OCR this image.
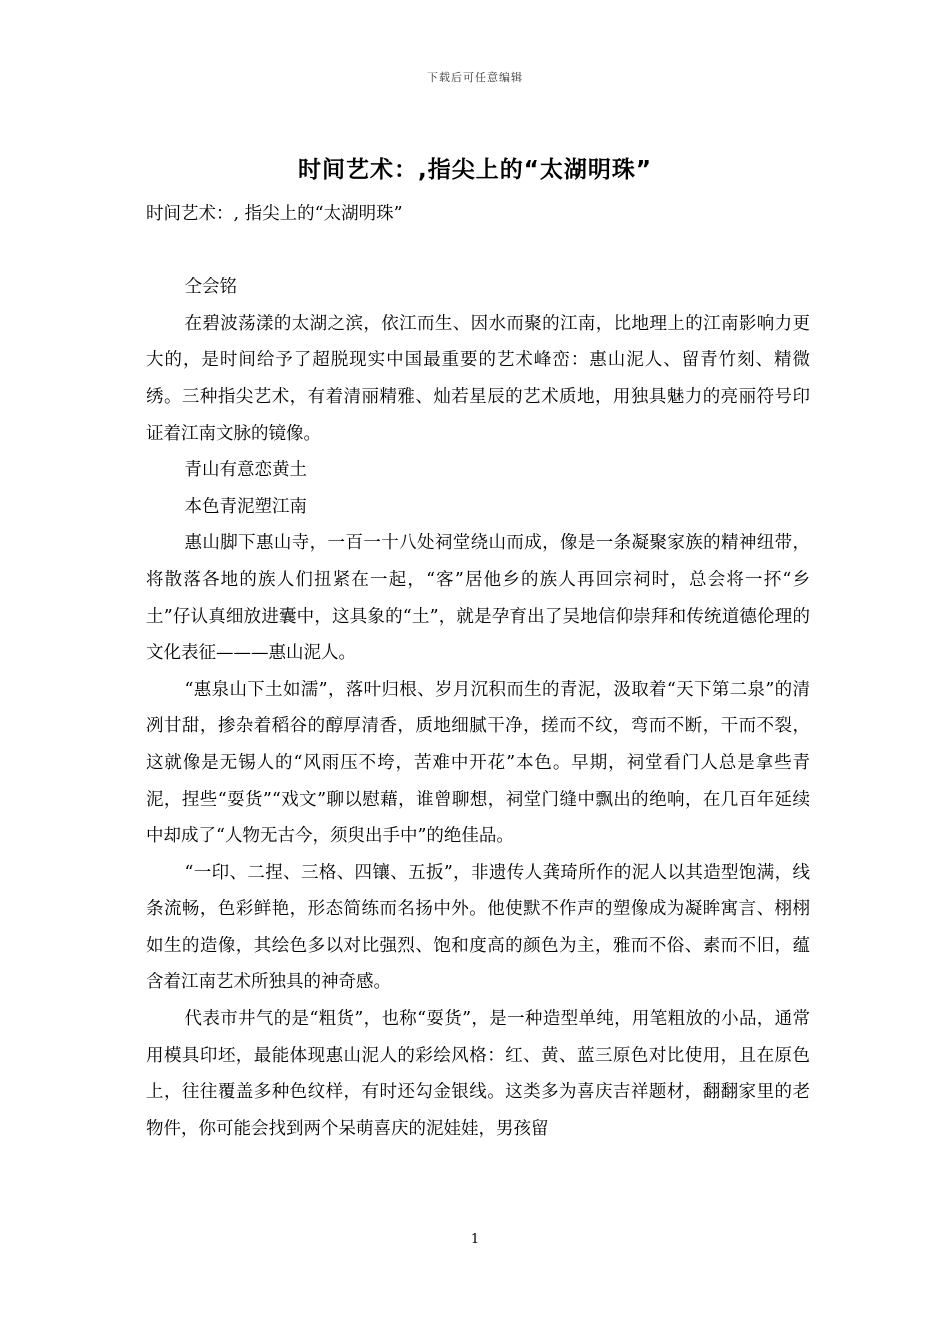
下载后可任意编辑
时间艺术：,指尖上的“太湖明珠”

时间艺术：, 指尖上的“太湖明珠”

仝会铭

在碧波荡漾的太湖之滨，依江而生、因水而聚的江南，比地理上的江南影响力更大的，是时间给予了超脱现实中国最重要的艺术峰峦：惠山泥人、留青竹刻、精微绣。三种指尖艺术，有着清丽精雅、灿若星辰的艺术质地，用独具魅力的亮丽符号印证着江南文脉的镜像。

青山有意恋黄土

本色青泥塑江南

惠山脚下惠山寺，一百一十八处祠堂绕山而成，像是一条凝聚家族的精神纽带，将散落各地的族人们扭紧在一起，“客”居他乡的族人再回宗祠时，总会将一抔“乡土”仔认真细放进囊中，这具象的“土”，就是孕育出了吴地信仰崇拜和传统道德伦理的文化表征———惠山泥人。

“惠泉山下土如濡”，落叶归根、岁月沉积而生的青泥，汲取着“天下第二泉”的清冽甘甜，掺杂着稻谷的醇厚清香，质地细腻干净，搓而不纹，弯而不断，干而不裂，这就像是无锡人的“风雨压不垮，苦难中开花”本色。早期，祠堂看门人总是拿些青泥，捏些“耍货”“戏文”聊以慰藉，谁曾聊想，祠堂门缝中飘出的绝响，在几百年延续中却成了“人物无古今，须臾出手中”的绝佳品。

“一印、二捏、三格、四镶、五扳”，非遗传人龚琦所作的泥人以其造型饱满，线条流畅，色彩鲜艳，形态简练而名扬中外。他使默不作声的塑像成为凝眸寓言、栩栩如生的造像，其绘色多以对比强烈、饱和度高的颜色为主，雅而不俗、素而不旧，蕴含着江南艺术所独具的神奇感。

代表市井气的是“粗货”，也称“耍货”，是一种造型单纯，用笔粗放的小品，通常用模具印坯，最能体现惠山泥人的彩绘风格：红、黄、蓝三原色对比使用，且在原色上，往往覆盖多种色纹样，有时还勾金银线。这类多为喜庆吉祥题材，翻翻家里的老物件，你可能会找到两个呆萌喜庆的泥娃娃，男孩留

1
